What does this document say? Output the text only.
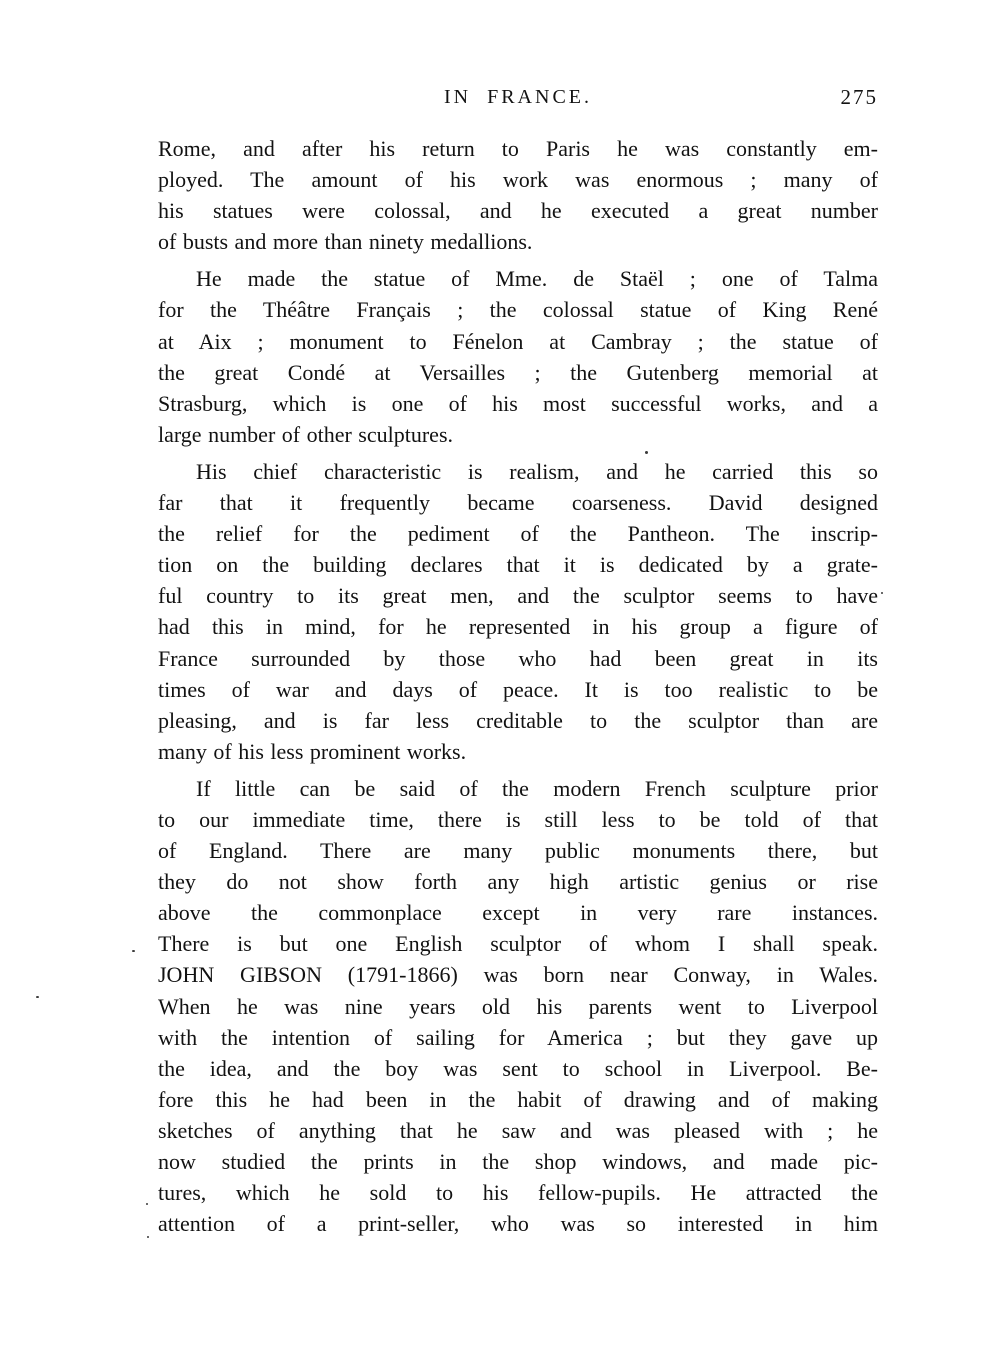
IN FRANCE.	275
Rome, and after his return to Paris he was constantly em-
ployed. The amount of his work was enormous ; many of
his statues were colossal, and he executed a great number
of busts and more than ninety medallions.
He made the statue of Mme. de Staël ; one of Talma
for the Théâtre Français ; the colossal statue of King René
at Aix ; monument to Fénelon at Cambray ; the statue of
the great Condé at Versailles ; the Gutenberg memorial at
Strasburg, which is one of his most successful works, and a
large number of other sculptures.
His chief characteristic is realism, and he carried this so
far that it frequently became coarseness. David designed
the relief for the pediment of the Pantheon. The inscrip-
tion on the building declares that it is dedicated by a grate-
ful country to its great men, and the sculptor seems to have
had this in mind, for he represented in his group a figure of
France surrounded by those who had been great in its
times of war and days of peace. It is too realistic to be
pleasing, and is far less creditable to the sculptor than are
many of his less prominent works.
If little can be said of the modern French sculpture prior
to our immediate time, there is still less to be told of that
of England. There are many public monuments there, but
they do not show forth any high artistic genius or rise
above the commonplace except in very rare instances.
There is but one English sculptor of whom I shall speak.
JOHN GIBSON (1791-1866) was born near Conway, in Wales.
When he was nine years old his parents went to Liverpool
with the intention of sailing for America ; but they gave up
the idea, and the boy was sent to school in Liverpool. Be-
fore this he had been in the habit of drawing and of making
sketches of anything that he saw and was pleased with ; he
now studied the prints in the shop windows, and made pic-
tures, which he sold to his fellow-pupils. He attracted the
attention of a print-seller, who was so interested in him
